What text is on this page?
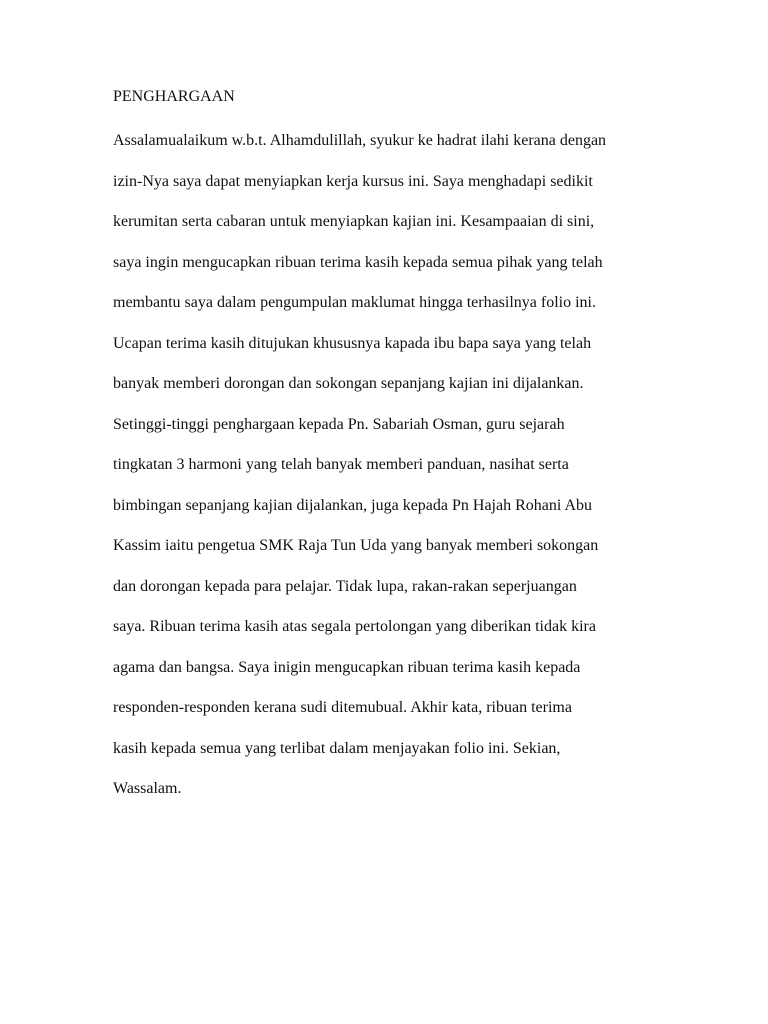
PENGHARGAAN
Assalamualaikum w.b.t. Alhamdulillah, syukur ke hadrat ilahi kerana dengan
izin-Nya saya dapat menyiapkan kerja kursus ini. Saya menghadapi sedikit
kerumitan serta cabaran untuk menyiapkan kajian ini. Kesampaaian di sini,
saya ingin mengucapkan ribuan terima kasih kepada semua pihak yang telah
membantu saya dalam pengumpulan maklumat hingga terhasilnya folio ini.
Ucapan terima kasih ditujukan khususnya kapada ibu bapa saya yang telah
banyak memberi dorongan dan sokongan sepanjang kajian ini dijalankan.
Setinggi-tinggi penghargaan kepada Pn. Sabariah Osman, guru sejarah
tingkatan 3 harmoni yang telah banyak memberi panduan, nasihat serta
bimbingan sepanjang kajian dijalankan, juga kepada Pn Hajah Rohani Abu
Kassim iaitu pengetua SMK Raja Tun Uda yang banyak memberi sokongan
dan dorongan kepada para pelajar. Tidak lupa, rakan-rakan seperjuangan
saya. Ribuan terima kasih atas segala pertolongan yang diberikan tidak kira
agama dan bangsa. Saya inigin mengucapkan ribuan terima kasih kepada
responden-responden kerana sudi ditemubual. Akhir kata, ribuan terima
kasih kepada semua yang terlibat dalam menjayakan folio ini. Sekian,
Wassalam.
